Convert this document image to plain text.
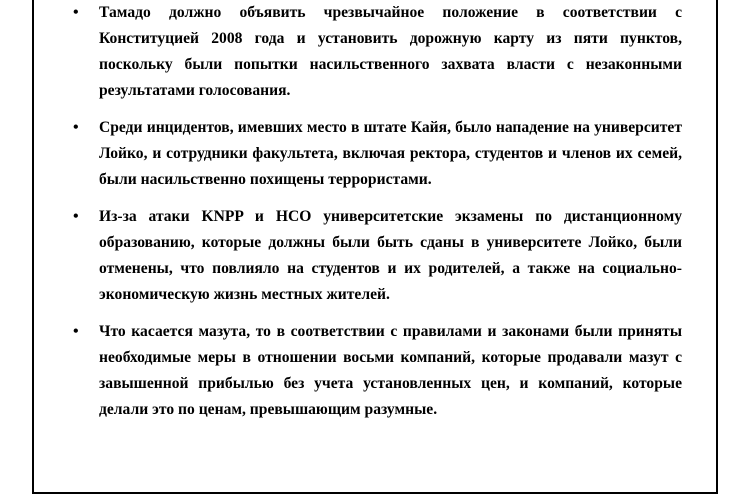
• Тамадо должно объявить чрезвычайное положение в соответствии с Конституцией 2008 года и установить дорожную карту из пяти пунктов, поскольку были попытки насильственного захвата власти с незаконными результатами голосования.
• Среди инцидентов, имевших место в штате Кайя, было нападение на университет Лойко, и сотрудники факультета, включая ректора, студентов и членов их семей, были насильственно похищены террористами.
• Из-за атаки KNPP и НСО университетские экзамены по дистанционному образованию, которые должны были быть сданы в университете Лойко, были отменены, что повлияло на студентов и их родителей, а также на социально-экономическую жизнь местных жителей.
• Что касается мазута, то в соответствии с правилами и законами были приняты необходимые меры в отношении восьми компаний, которые продавали мазут с завышенной прибылью без учета установленных цен, и компаний, которые делали это по ценам, превышающим разумные.
